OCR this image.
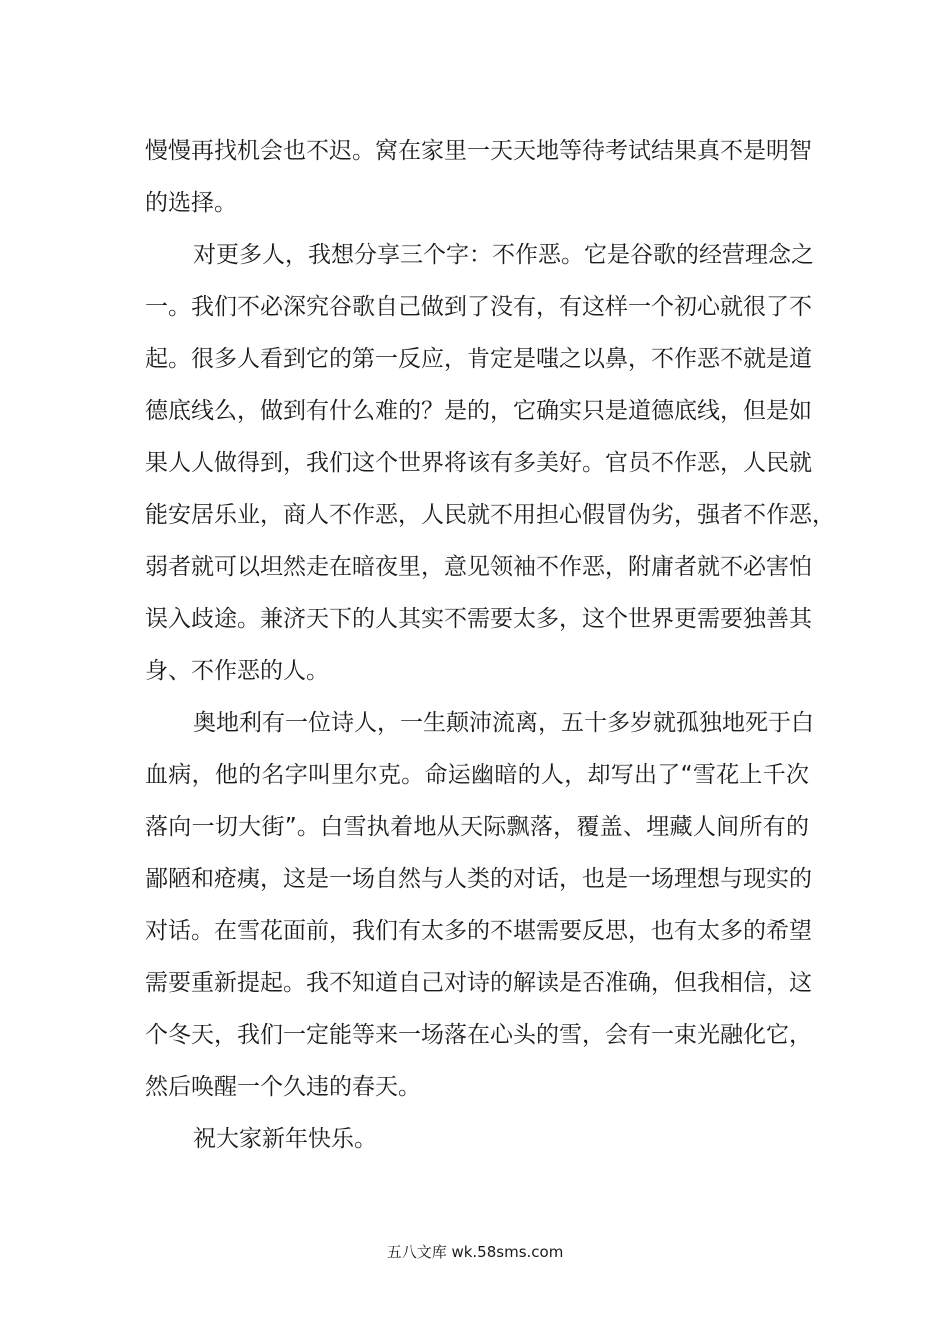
慢慢再找机会也不迟。窝在家里一天天地等待考试结果真不是明智
的选择。
对更多人，我想分享三个字：不作恶。它是谷歌的经营理念之
一。我们不必深究谷歌自己做到了没有，有这样一个初心就很了不
起。很多人看到它的第一反应，肯定是嗤之以鼻，不作恶不就是道
德底线么，做到有什么难的？是的，它确实只是道德底线，但是如
果人人做得到，我们这个世界将该有多美好。官员不作恶，人民就
能安居乐业，商人不作恶，人民就不用担心假冒伪劣，强者不作恶，
弱者就可以坦然走在暗夜里，意见领袖不作恶，附庸者就不必害怕
误入歧途。兼济天下的人其实不需要太多，这个世界更需要独善其
身、不作恶的人。
奥地利有一位诗人，一生颠沛流离，五十多岁就孤独地死于白
血病，他的名字叫里尔克。命运幽暗的人，却写出了“雪花上千次
落向一切大街”。白雪执着地从天际飘落，覆盖、埋藏人间所有的
鄙陋和疮痍，这是一场自然与人类的对话，也是一场理想与现实的
对话。在雪花面前，我们有太多的不堪需要反思，也有太多的希望
需要重新提起。我不知道自己对诗的解读是否准确，但我相信，这
个冬天，我们一定能等来一场落在心头的雪，会有一束光融化它，
然后唤醒一个久违的春天。
祝大家新年快乐。
五八文库 wk.58sms.com
